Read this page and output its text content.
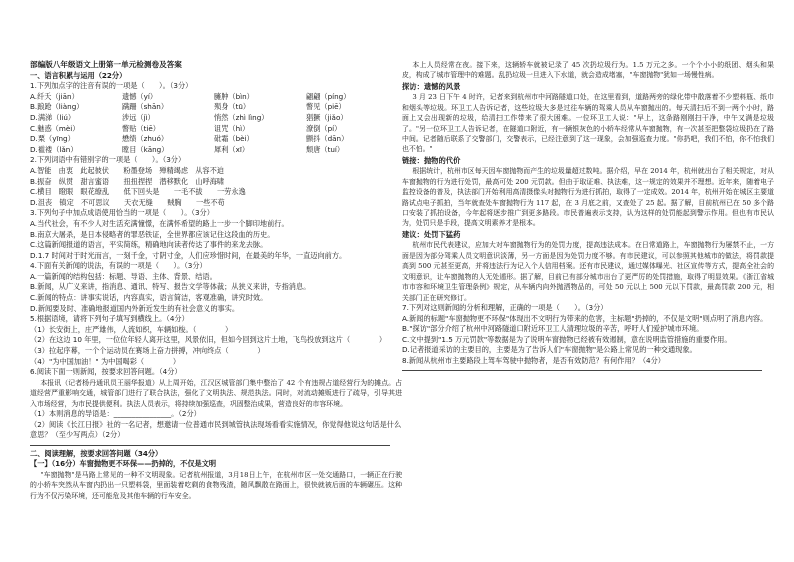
部编版八年级语文上册第一单元检测卷及答案
一、语言积累与运用（22分）
1.下列加点字的注音有误的一项是（　　）。（3分）
A.纤夭（jiān）	遗憾（yí）	臃肿（bìn）	翩翩（píng）
B.踉跄（liàng）	蹒跚（shān）	殒身（tū）	瞥见（piē）
D.满涕（liú）	涉远（jì）	悄然（zhì lìng）	猖獗（jiǎo）
C.魅惑（mèi）	瞥贴（tiē）	诅咒（hì）	潦倒（pí）
D.栗（yīng）	懋绩（zhuó）	砒霜（bèi）	颤抖（dān）
D.褴褛（lǎn）	瞠目（kāng）	犀利（xī）	颓唐（tuí）
2.下列词语中有错别字的一项是（　　）。（3分）
A.智能　由衷　此起彼伏　　粉墨登场　殚精竭虑　从容不迫
B.振奋　纵贯　甜言蜜语　　扭扭捏捏　潜移默化　山呼海啸
C.横目　瞪眼　眼花缭乱　　低下回头是　　一毛不拔　　一劳永逸
D.沮丧　镇定　不可思议　　天衣无缝　　贼胸　　一些不苟
3.下列句子中加点成语使用恰当的一项是（　　）。（3分）
A.当代社会，有不少人对生活充满憧憬，在满怀希望的路上一步一个脚印地前行。
B.南京大屠杀，是日本侵略者的罪恶铁证，全世界都应该记住这段血的历史。
C.这篇新闻报道的语言，平实简练，精确地向读者传达了事件的来龙去脉。
D.1.7 时间对于时光而言，一刻千金，寸阴寸金，人们应珍惜时间，在最美的年华，一直迈向前方。
4.下面有关新闻的说法，有误的一项是（　　）。（3分）
A.一篇新闻的结构包括：标题、导语、主体、背景、结语。
B.新闻，从广义来讲，指消息、通讯、特写、报告文学等体裁；从狭义来讲，专指消息。
C.新闻的特点：讲事实说话，内容真实，语言简洁，客观准确，讲究时效。
D.新闻要及时、准确地报道国内外新近发生的有社会意义的事实。
5.根据语境，请将下列句子填写到横线上。（4分）
（1）长安街上，庄严雄伟，人流如织，车辆如梭。（　　　　）
（2）在这边 10 年里，一位位年轻人离开这里，风景依旧，但如今回到这片土地，飞鸟投放到这片（　　　　）
（3）拉起序幕，一个个运动员在赛场上奋力拼搏，冲向终点（　　　　）
（4）"为中国加油！" 为中国喝彩（　　　　）
6.阅读下面一则新闻，按要求回答问题。（4分）
本报讯（记者杨丹通讯员王丽华报道）从上周开始，江汉区城管部门集中整治了 42 个有违规占道经营行为的摊点。占道经营严重影响交通，城管部门进行了联合执法，强化了文明执法、规范执法。同时，对流动摊贩进行了疏导，引导其进入市场经营，为市民提供便利。执法人员表示，将持续加强巡查，巩固整治成果，营造良好的市容环境。
（1）本则消息的导语是：________________。（2分）
（2）阅读《长江日报》社的一名记者，想邀请一位普通市民到城管执法现场看看实施情况，你觉得他说这句话是什么意思？（至少写两点）（2分）
二、阅读理解，按要求回答问题（34分）
【一】（16分）车窗抛物更不环保——扔掉的，不仅是文明
"车窗抛物"是马路上常见的一种不文明现象。记者杭州报道，3月18日上午，在杭州市区一处交通路口，一辆正在行驶的小轿车突然从车窗内扔出一只塑料袋，里面装着吃剩的食物残渣，随风飘散在路面上，很快就被后面的车辆碾压。这种行为不仅污染环境，还可能危及其他车辆的行车安全。
本上人员经常在夜。接下来，这辆轿车就被记录了 45 次扔垃圾行为。1.5 万元之多。一个个小小的纸团、烟头和果皮，构成了城市管理中的难题。乱扔垃圾一旦进入下水道，就会造成堵塞，"车窗抛物"犹如一场慢性病。
探访：遗憾的风景
3 月 23 日下午 4 时许，记者来到杭州市中河路隧道口处，在这里看到，道路两旁的绿化带中散落着不少塑料瓶、纸巾和烟头等垃圾。环卫工人告诉记者，这些垃圾大多是过往车辆的驾乘人员从车窗抛出的。每天清扫后不到一两个小时，路面上又会出现新的垃圾，给清扫工作带来了很大困难。一位环卫工人说："早上，这条路刚刚扫干净，中午又满是垃圾了。"另一位环卫工人告诉记者，在隧道口附近，有一辆银灰色的小轿车经常从车窗抛物，有一次甚至把整袋垃圾扔在了路中间。记者随后联系了交警部门，交警表示，已经注意到了这一现象，会加强巡查力度。"你扔吧，我们不怕，你不怕我们也不怕。"
链接：抛物的代价
根据统计，杭州市区每天因车窗抛物而产生的垃圾量超过数吨。据介绍，早在 2014 年，杭州就出台了相关规定，对从车窗抛物的行为进行处罚，最高可处 200 元罚款。但由于取证难、执法难，这一规定的效果并不理想。近年来，随着电子监控设备的普及，执法部门开始利用高清摄像头对抛物行为进行抓拍，取得了一定成效。2014 年，杭州开始在城区主要道路试点电子抓拍，当年就查处车窗抛物行为 117 起，在 3 月底之前，又查处了 25 起。据了解，目前杭州已在 50 多个路口安装了抓拍设备，今年起将逐步推广到更多路段。市民普遍表示支持，认为这样的处罚能起到警示作用。但也有市民认为，处罚只是手段，提高文明素养才是根本。
建议：处罚下猛药
杭州市民代表建议，应加大对车窗抛物行为的处罚力度，提高违法成本。在日常道路上，车窗抛物行为屡禁不止，一方面是因为部分驾乘人员文明意识淡薄，另一方面是因为处罚力度不够。有市民建议，可以参照其他城市的做法，将罚款提高到 500 元甚至更高，并将违法行为记入个人信用档案。还有市民建议，通过媒体曝光、社区宣传等方式，提高全社会的文明意识，让车窗抛物的人无处遁形。据了解，目前已有部分城市出台了更严厉的处罚措施，取得了明显效果。《浙江省城市市容和环境卫生管理条例》规定，从车辆内向外抛洒物品的，可处 50 元以上 500 元以下罚款，最高罚款 200 元，相关部门正在研究修订。
7.下列对这则新闻的分析和理解，正确的一项是（　　）。（3分）
A.新闻的标题"车窗抛物更不环保"体现出不文明行为带来的危害，主标题"扔掉的，不仅是文明"则点明了消息内容。
B."探访"部分介绍了杭州中河路隧道口附近环卫工人清理垃圾的辛苦，呼吁人们爱护城市环境。
C.文中提到"1.5 万元罚款"等数据是为了说明车窗抛物已经被有效遏制，意在说明监管措施的重要作用。
D.记者报道采访的主要目的，主要是为了告诉人们"车窗抛物"是公路上常见的一种交通现象。
8.新闻从杭州市主要路段上驾车驾驶中抛物者，是否有效防范？有何作用？（4分）
